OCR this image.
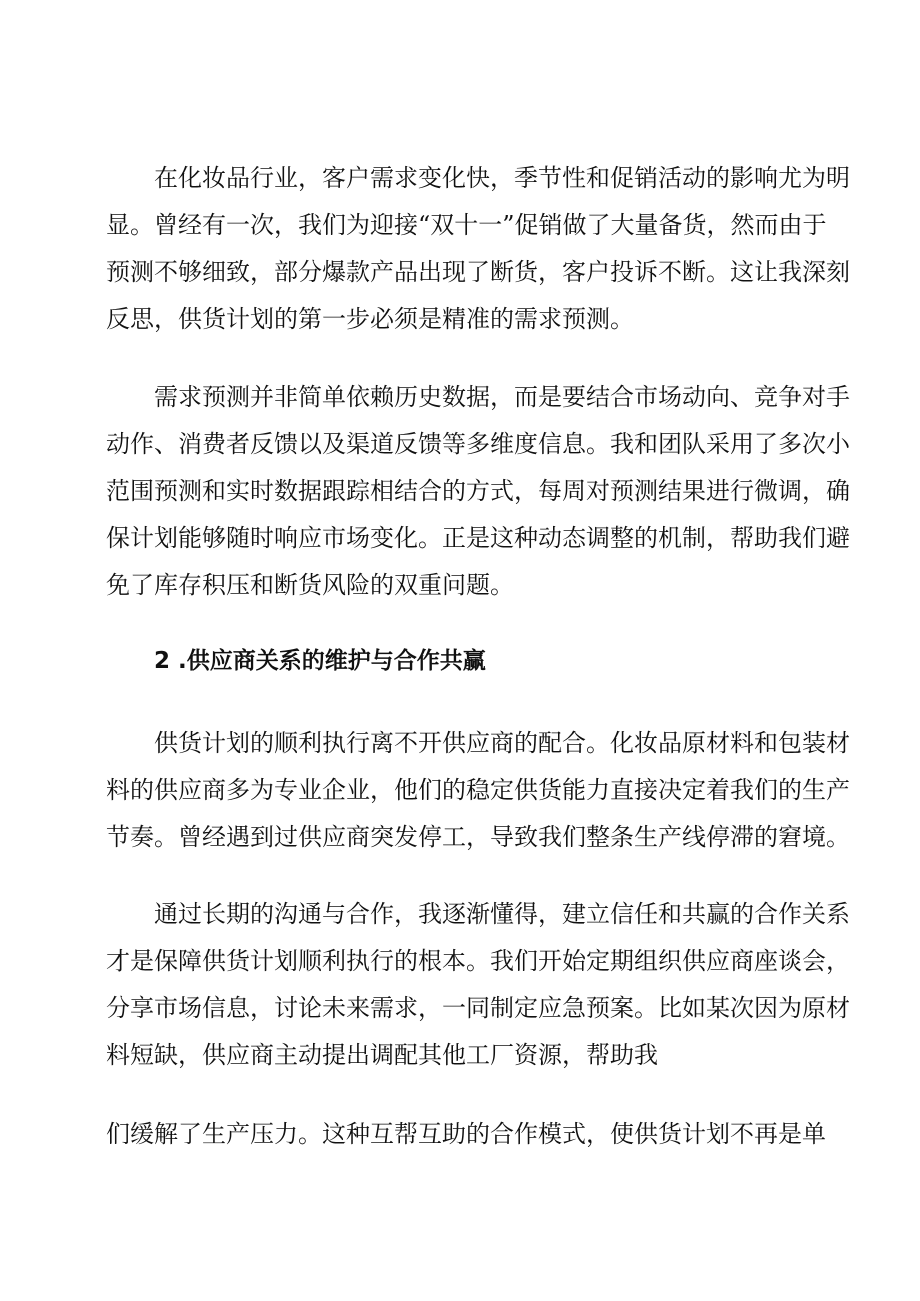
在化妆品行业，客户需求变化快，季节性和促销活动的影响尤为明
显。曾经有一次，我们为迎接“双十一”促销做了大量备货，然而由于
预测不够细致，部分爆款产品出现了断货，客户投诉不断。这让我深刻
反思，供货计划的第一步必须是精准的需求预测。
需求预测并非简单依赖历史数据，而是要结合市场动向、竞争对手
动作、消费者反馈以及渠道反馈等多维度信息。我和团队采用了多次小
范围预测和实时数据跟踪相结合的方式，每周对预测结果进行微调，确
保计划能够随时响应市场变化。正是这种动态调整的机制，帮助我们避
免了库存积压和断货风险的双重问题。
2 .供应商关系的维护与合作共赢
供货计划的顺利执行离不开供应商的配合。化妆品原材料和包装材
料的供应商多为专业企业，他们的稳定供货能力直接决定着我们的生产
节奏。曾经遇到过供应商突发停工，导致我们整条生产线停滞的窘境。
通过长期的沟通与合作，我逐渐懂得，建立信任和共赢的合作关系
才是保障供货计划顺利执行的根本。我们开始定期组织供应商座谈会，
分享市场信息，讨论未来需求，一同制定应急预案。比如某次因为原材
料短缺，供应商主动提出调配其他工厂资源，帮助我
们缓解了生产压力。这种互帮互助的合作模式，使供货计划不再是单
